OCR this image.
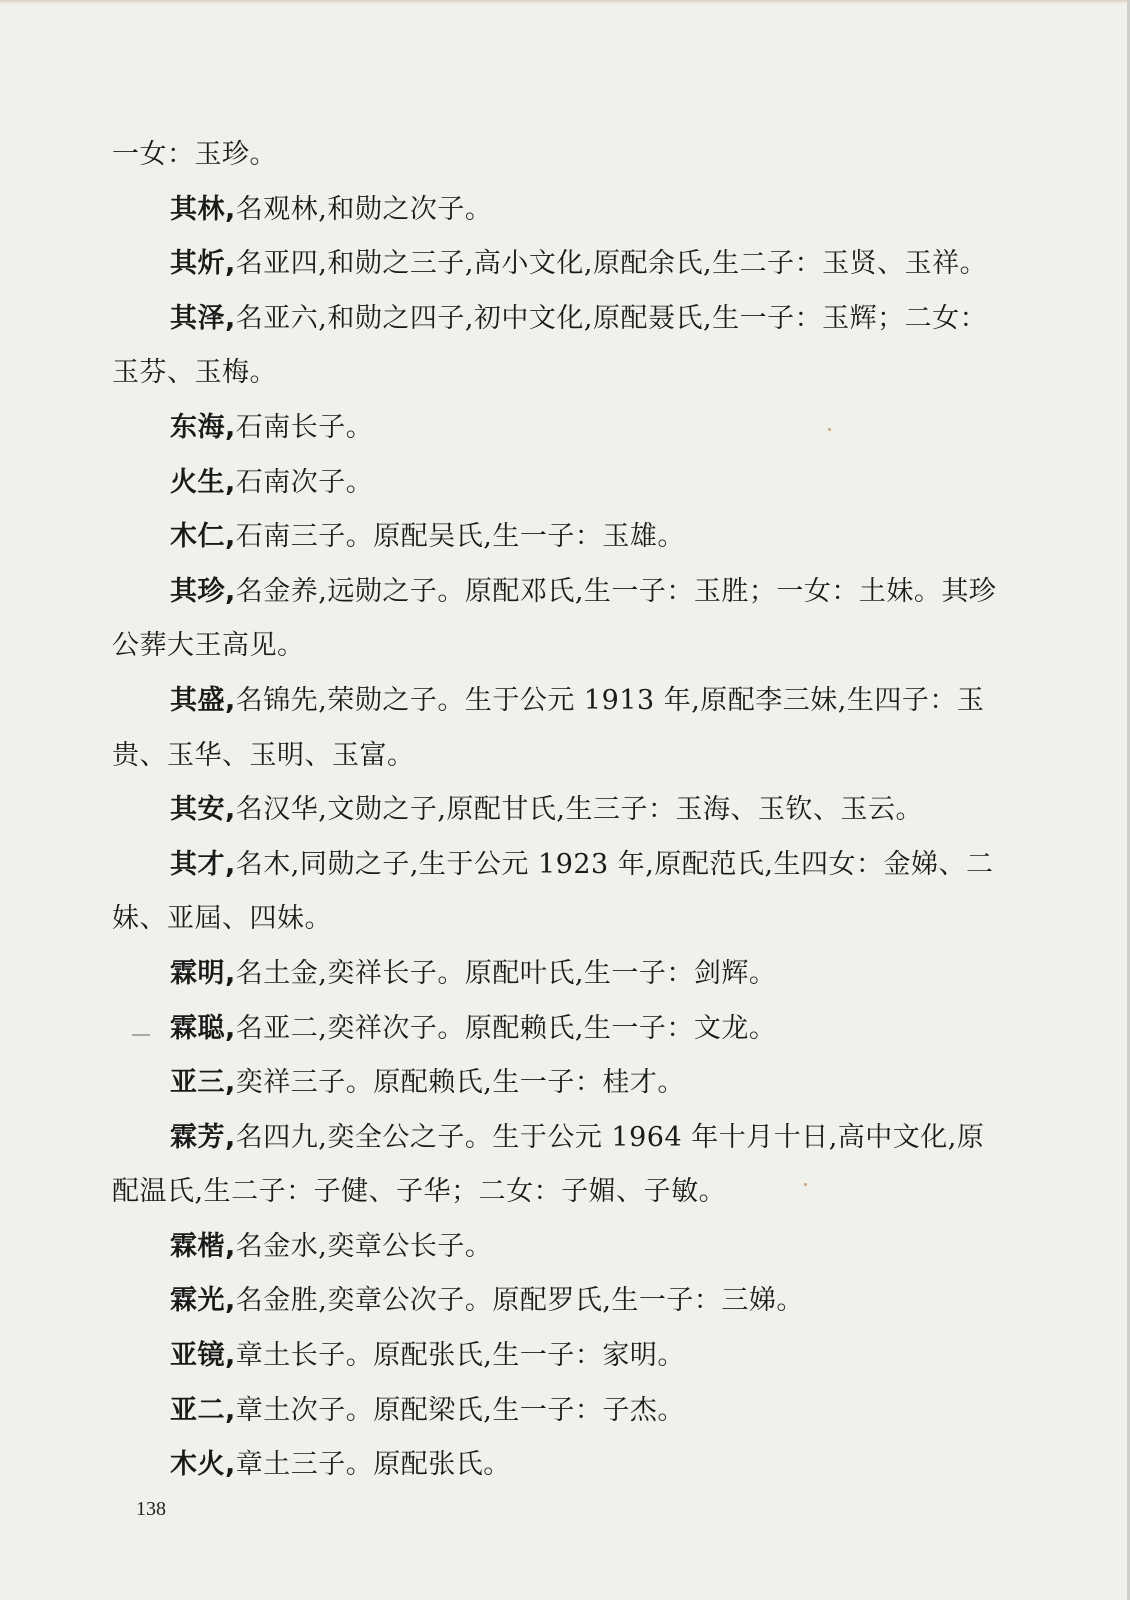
一女：玉珍。
其林,名观林,和勋之次子。
其炘,名亚四,和勋之三子,高小文化,原配余氏,生二子：玉贤、玉祥。
其泽,名亚六,和勋之四子,初中文化,原配聂氏,生一子：玉辉；二女：
玉芬、玉梅。
东海,石南长子。
火生,石南次子。
木仁,石南三子。原配吴氏,生一子：玉雄。
其珍,名金养,远勋之子。原配邓氏,生一子：玉胜；一女：土妹。其珍
公葬大王高见。
其盛,名锦先,荣勋之子。生于公元 1913 年,原配李三妹,生四子：玉
贵、玉华、玉明、玉富。
其安,名汉华,文勋之子,原配甘氏,生三子：玉海、玉钦、玉云。
其才,名木,同勋之子,生于公元 1923 年,原配范氏,生四女：金娣、二
妹、亚屆、四妹。
霖明,名土金,奕祥长子。原配叶氏,生一子：剑辉。
霖聪,名亚二,奕祥次子。原配赖氏,生一子：文龙。
亚三,奕祥三子。原配赖氏,生一子：桂才。
霖芳,名四九,奕全公之子。生于公元 1964 年十月十日,高中文化,原
配温氏,生二子：子健、子华；二女：子媚、子敏。
霖楷,名金水,奕章公长子。
霖光,名金胜,奕章公次子。原配罗氏,生一子：三娣。
亚镜,章土长子。原配张氏,生一子：家明。
亚二,章土次子。原配梁氏,生一子：子杰。
木火,章土三子。原配张氏。
138
